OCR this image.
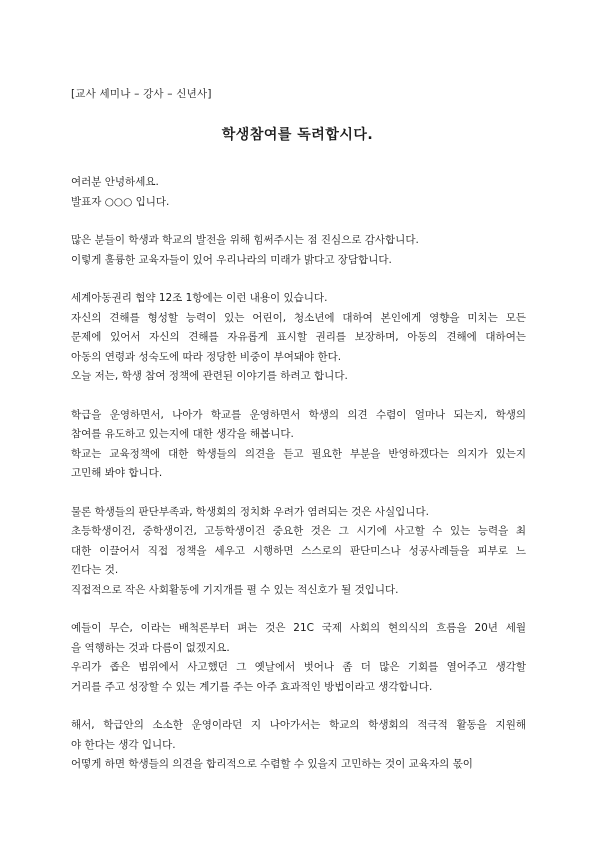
[교사 세미나 – 강사 – 신년사]
학생참여를 독려합시다.
여러분 안녕하세요.
발표자 ○○○ 입니다.
많은 분들이 학생과 학교의 발전을 위해 힘써주시는 점 진심으로 감사합니다.
이렇게 훌륭한 교육자들이 있어 우리나라의 미래가 밝다고 장담합니다.
세계아동권리 협약 12조 1항에는 이런 내용이 있습니다.
자신의 견해를 형성할 능력이 있는 어린이, 청소년에 대하여 본인에게 영향을 미치는 모든
문제에 있어서 자신의 견해를 자유롭게 표시할 권리를 보장하며, 아동의 견해에 대하여는
아동의 연령과 성숙도에 따라 정당한 비중이 부여돼야 한다.
오늘 저는, 학생 참여 정책에 관련된 이야기를 하려고 합니다.
학급을 운영하면서, 나아가 학교를 운영하면서 학생의 의견 수렴이 얼마나 되는지, 학생의
참여를 유도하고 있는지에 대한 생각을 해봅니다.
학교는 교육정책에 대한 학생들의 의견을 듣고 필요한 부분을 반영하겠다는 의지가 있는지
고민해 봐야 합니다.
물론 학생들의 판단부족과, 학생회의 정치화 우려가 염려되는 것은 사실입니다.
초등학생이건, 중학생이건, 고등학생이건 중요한 것은 그 시기에 사고할 수 있는 능력을 최
대한 이끌어서 직접 정책을 세우고 시행하면 스스로의 판단미스나 성공사례들을 피부로 느
낀다는 것.
직접적으로 작은 사회활동에 기지개를 펼 수 있는 적신호가 될 것입니다.
예들이 무슨, 이라는 배척론부터 펴는 것은 21C 국제 사회의 현의식의 흐름을 20년 세월
을 역행하는 것과 다름이 없겠지요.
우리가 좁은 범위에서 사고했던 그 옛날에서 벗어나 좀 더 많은 기회를 열어주고 생각할
거리를 주고 성장할 수 있는 계기를 주는 아주 효과적인 방법이라고 생각합니다.
해서, 학급안의 소소한 운영이라던 지 나아가서는 학교의 학생회의 적극적 활동을 지원해
야 한다는 생각 입니다.
어떻게 하면 학생들의 의견을 합리적으로 수렴할 수 있을지 고민하는 것이 교육자의 몫이
